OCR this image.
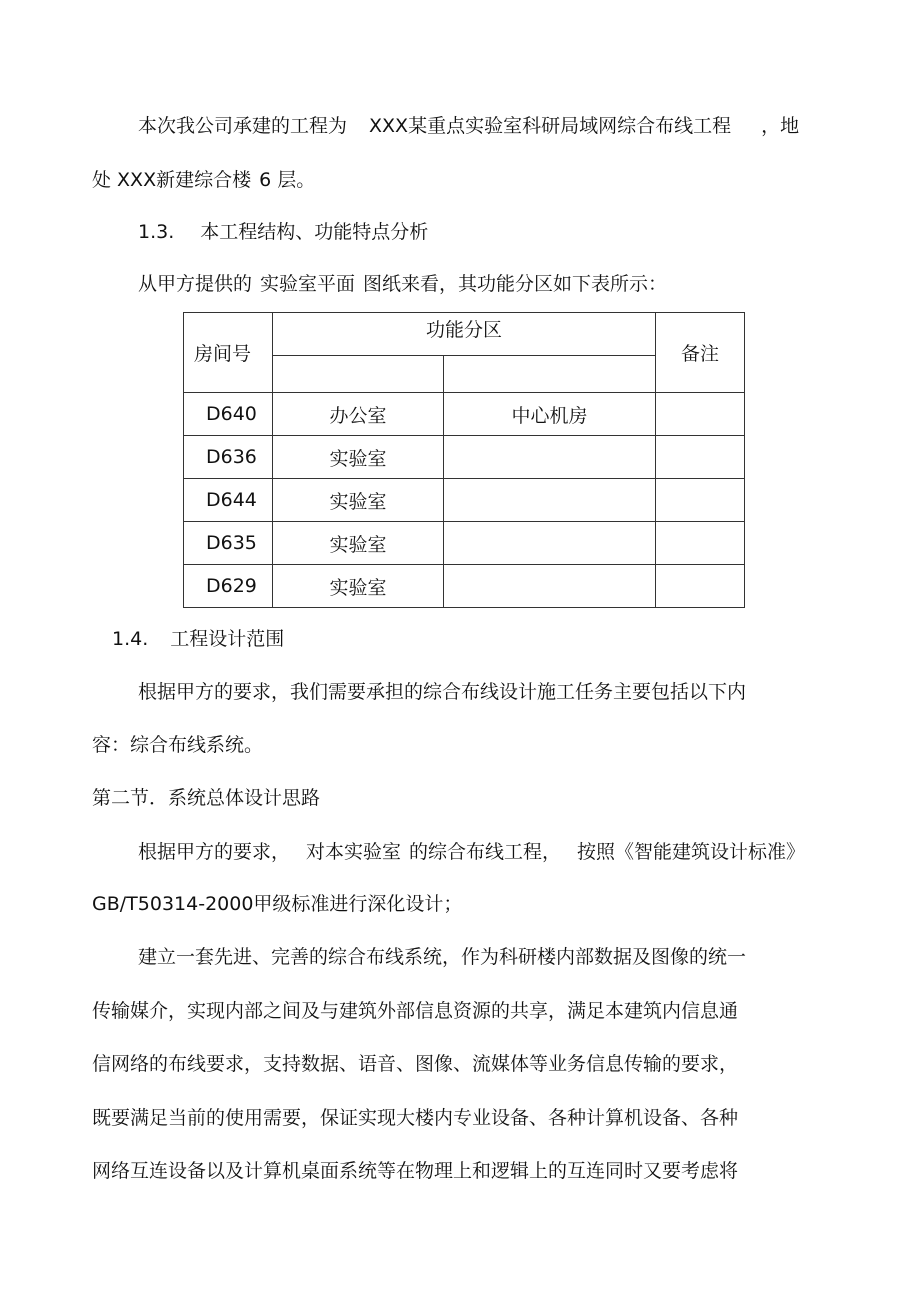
本次我公司承建的工程为 XXX某重点实验室科研局域网综合布线工程 ，地
处 XXX新建综合楼 6 层。
1.3. 本工程结构、功能特点分析
从甲方提供的 实验室平面 图纸来看，其功能分区如下表所示：
房间号	功能分区		备注

D640	办公室	中心机房	
D636	实验室		
D644	实验室		
D635	实验室		
D629	实验室		
1.4. 工程设计范围
根据甲方的要求，我们需要承担的综合布线设计施工任务主要包括以下内
容：综合布线系统。
第二节．系统总体设计思路
根据甲方的要求， 对本实验室 的综合布线工程， 按照《智能建筑设计标准》
GB/T50314-2000甲级标准进行深化设计；
建立一套先进、完善的综合布线系统，作为科研楼内部数据及图像的统一
传输媒介，实现内部之间及与建筑外部信息资源的共享，满足本建筑内信息通
信网络的布线要求，支持数据、语音、图像、流媒体等业务信息传输的要求，
既要满足当前的使用需要，保证实现大楼内专业设备、各种计算机设备、各种
网络互连设备以及计算机桌面系统等在物理上和逻辑上的互连同时又要考虑将
